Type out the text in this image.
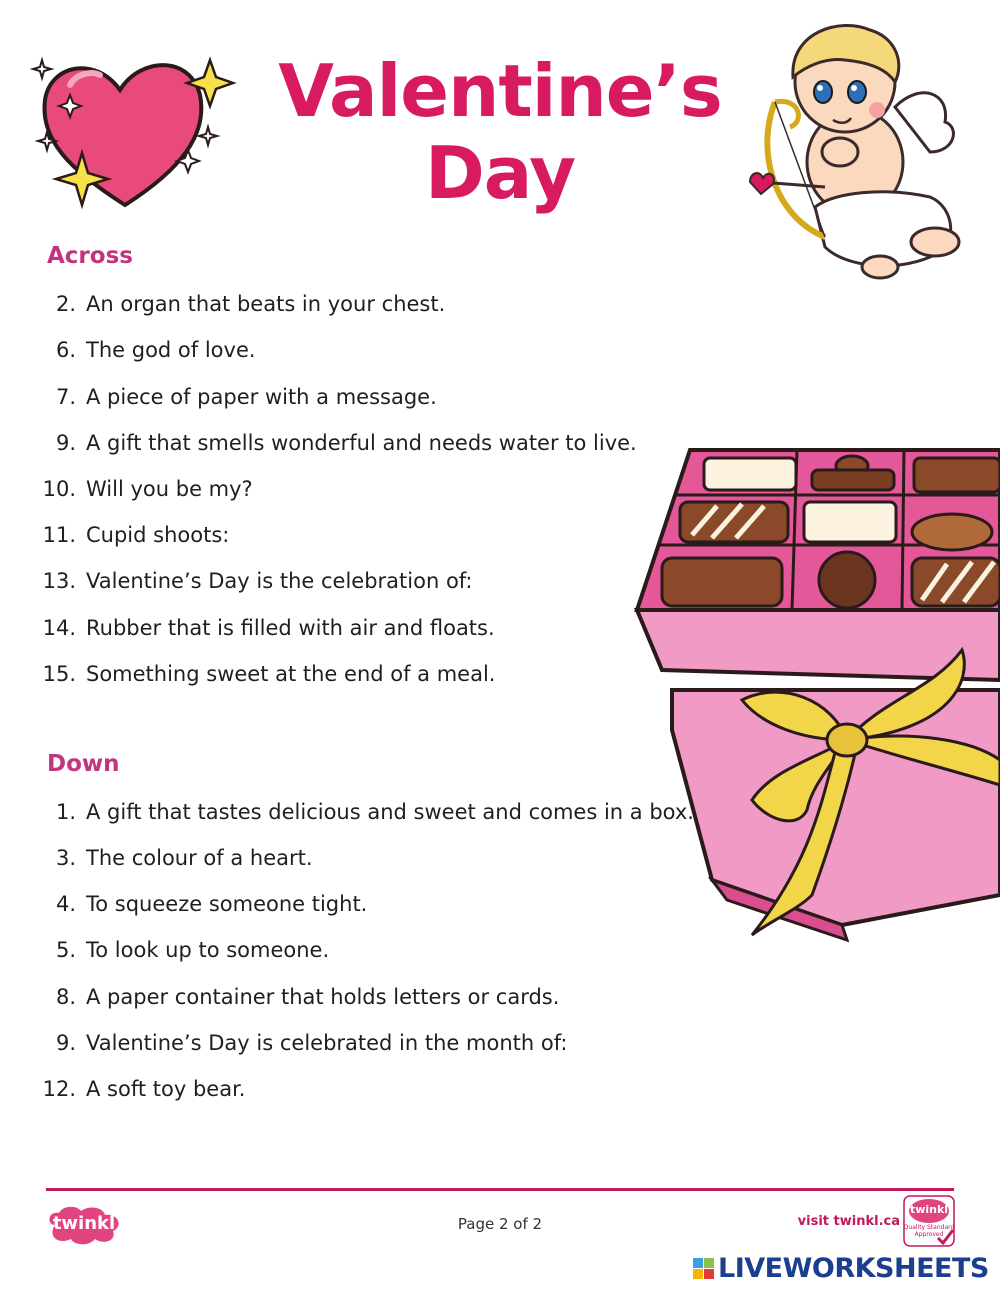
Valentine’s
Day
Across
2. An organ that beats in your chest.
6. The god of love.
7. A piece of paper with a message.
9. A gift that smells wonderful and needs water to live.
10. Will you be my?
11. Cupid shoots:
13. Valentine’s Day is the celebration of:
14. Rubber that is filled with air and floats.
15. Something sweet at the end of a meal.
Down
1. A gift that tastes delicious and sweet and comes in a box.
3. The colour of a heart.
4. To squeeze someone tight.
5. To look up to someone.
8. A paper container that holds letters or cards.
9. Valentine’s Day is celebrated in the month of:
12. A soft toy bear.
twinkl	Page 2 of 2	visit twinkl.ca
twinkl
Quality Standard
Approved
LIVEWORKSHEETS
